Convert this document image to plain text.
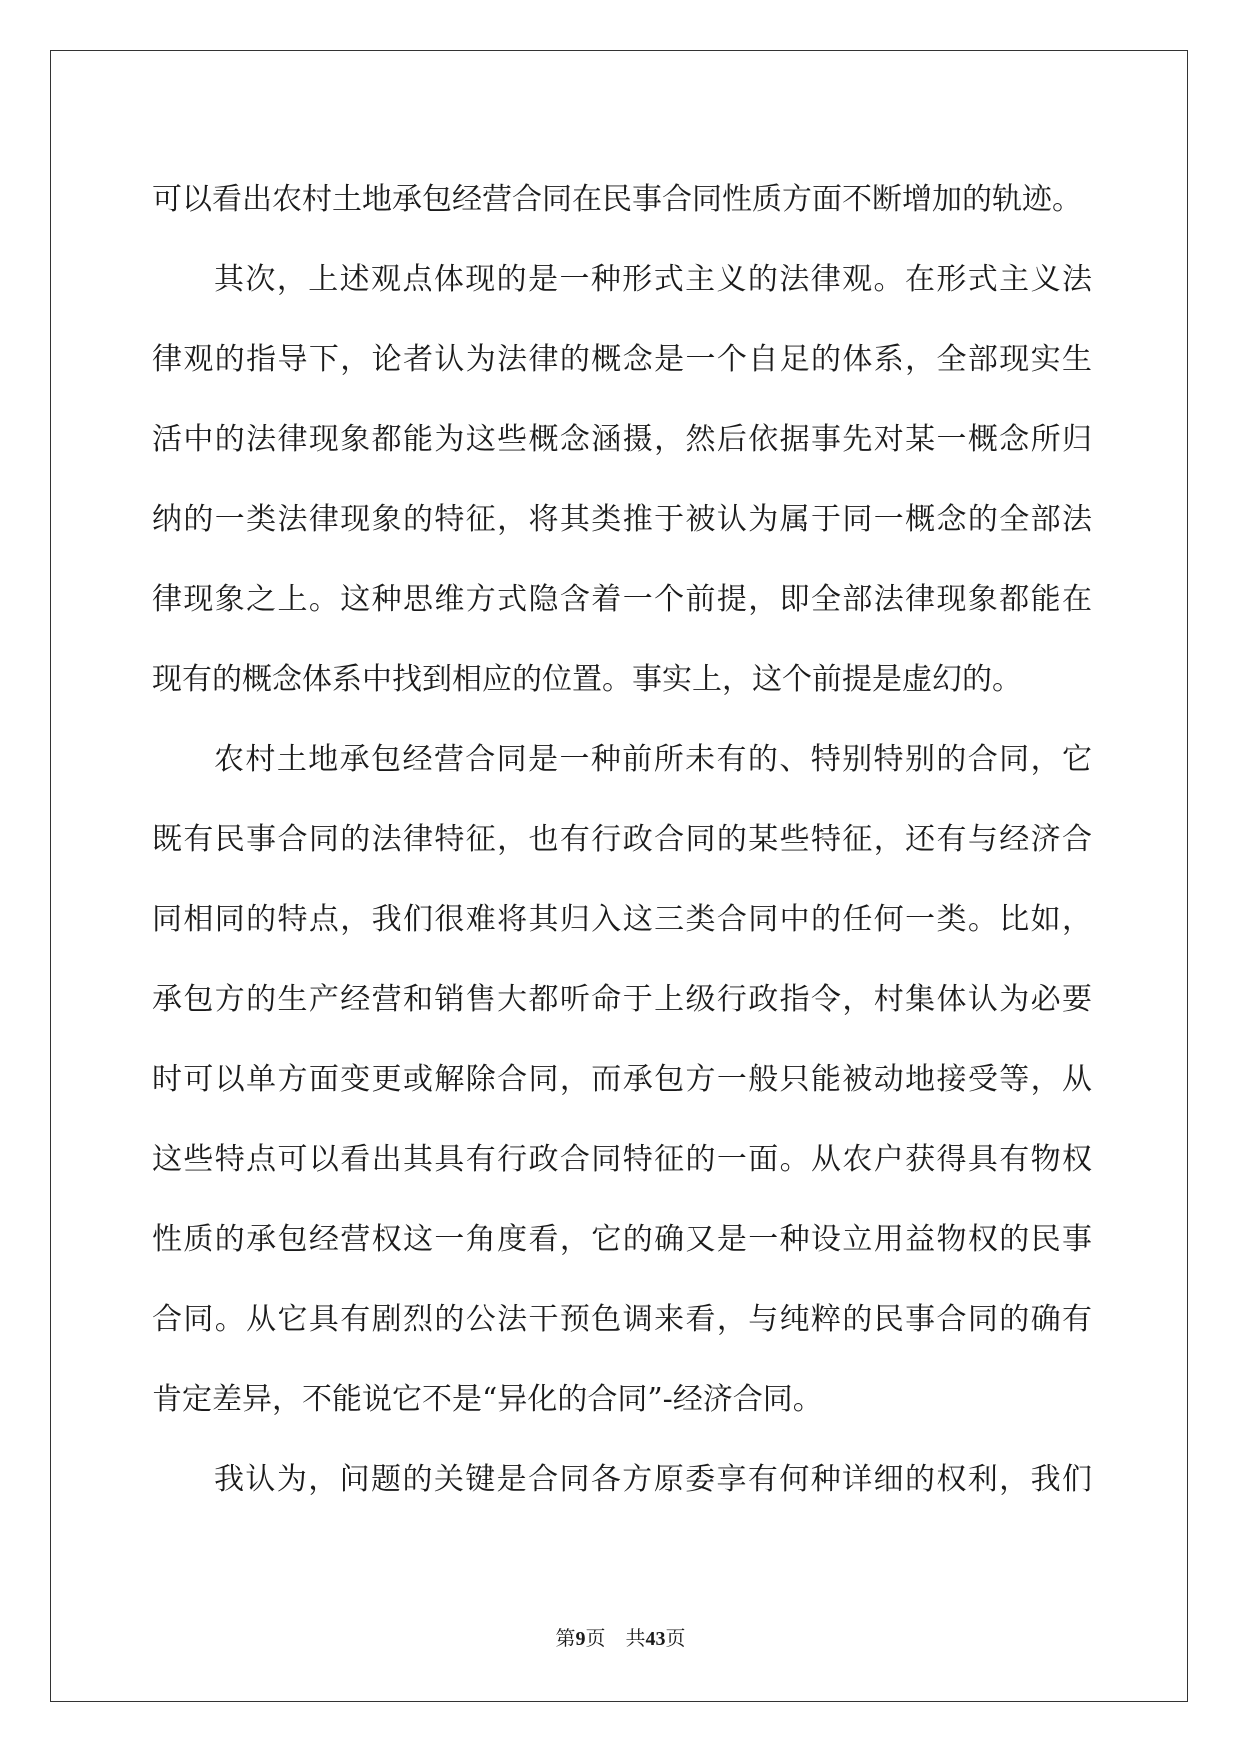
可以看出农村土地承包经营合同在民事合同性质方面不断增加的轨迹。
其次，上述观点体现的是一种形式主义的法律观。在形式主义法
律观的指导下，论者认为法律的概念是一个自足的体系，全部现实生
活中的法律现象都能为这些概念涵摄，然后依据事先对某一概念所归
纳的一类法律现象的特征，将其类推于被认为属于同一概念的全部法
律现象之上。这种思维方式隐含着一个前提，即全部法律现象都能在
现有的概念体系中找到相应的位置。事实上，这个前提是虚幻的。
农村土地承包经营合同是一种前所未有的、特别特别的合同，它
既有民事合同的法律特征，也有行政合同的某些特征，还有与经济合
同相同的特点，我们很难将其归入这三类合同中的任何一类。比如，
承包方的生产经营和销售大都听命于上级行政指令，村集体认为必要
时可以单方面变更或解除合同，而承包方一般只能被动地接受等，从
这些特点可以看出其具有行政合同特征的一面。从农户获得具有物权
性质的承包经营权这一角度看，它的确又是一种设立用益物权的民事
合同。从它具有剧烈的公法干预色调来看，与纯粹的民事合同的确有
肯定差异，不能说它不是“异化的合同”-经济合同。
我认为，问题的关键是合同各方原委享有何种详细的权利，我们
第9页 共43页
